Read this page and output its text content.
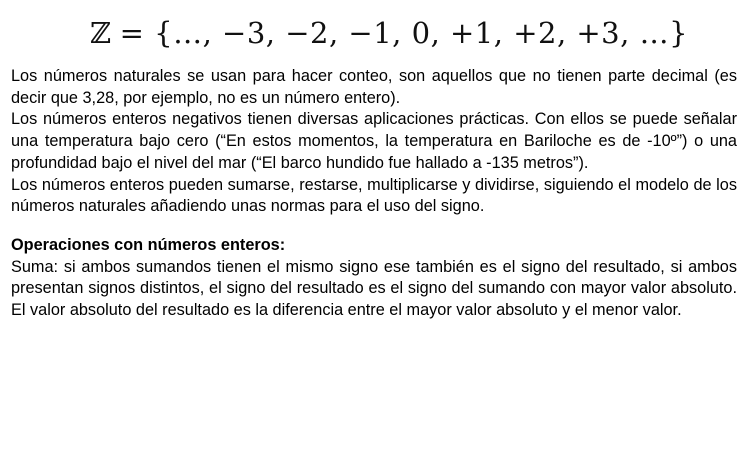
ℤ = {…, −3, −2, −1, 0, +1, +2, +3, …}

Los números naturales se usan para hacer conteo, son aquellos que no tienen parte decimal (es decir que 3,28, por ejemplo, no es un número entero).

Los números enteros negativos tienen diversas aplicaciones prácticas. Con ellos se puede señalar una temperatura bajo cero (“En estos momentos, la temperatura en Bariloche es de -10º”) o una profundidad bajo el nivel del mar (“El barco hundido fue hallado a -135 metros”).

Los números enteros pueden sumarse, restarse, multiplicarse y dividirse, siguiendo el modelo de los números naturales añadiendo unas normas para el uso del signo.

Operaciones con números enteros:

Suma: si ambos sumandos tienen el mismo signo ese también es el signo del resultado, si ambos presentan signos distintos, el signo del resultado es el signo del sumando con mayor valor absoluto. El valor absoluto del resultado es la diferencia entre el mayor valor absoluto y el menor valor.
